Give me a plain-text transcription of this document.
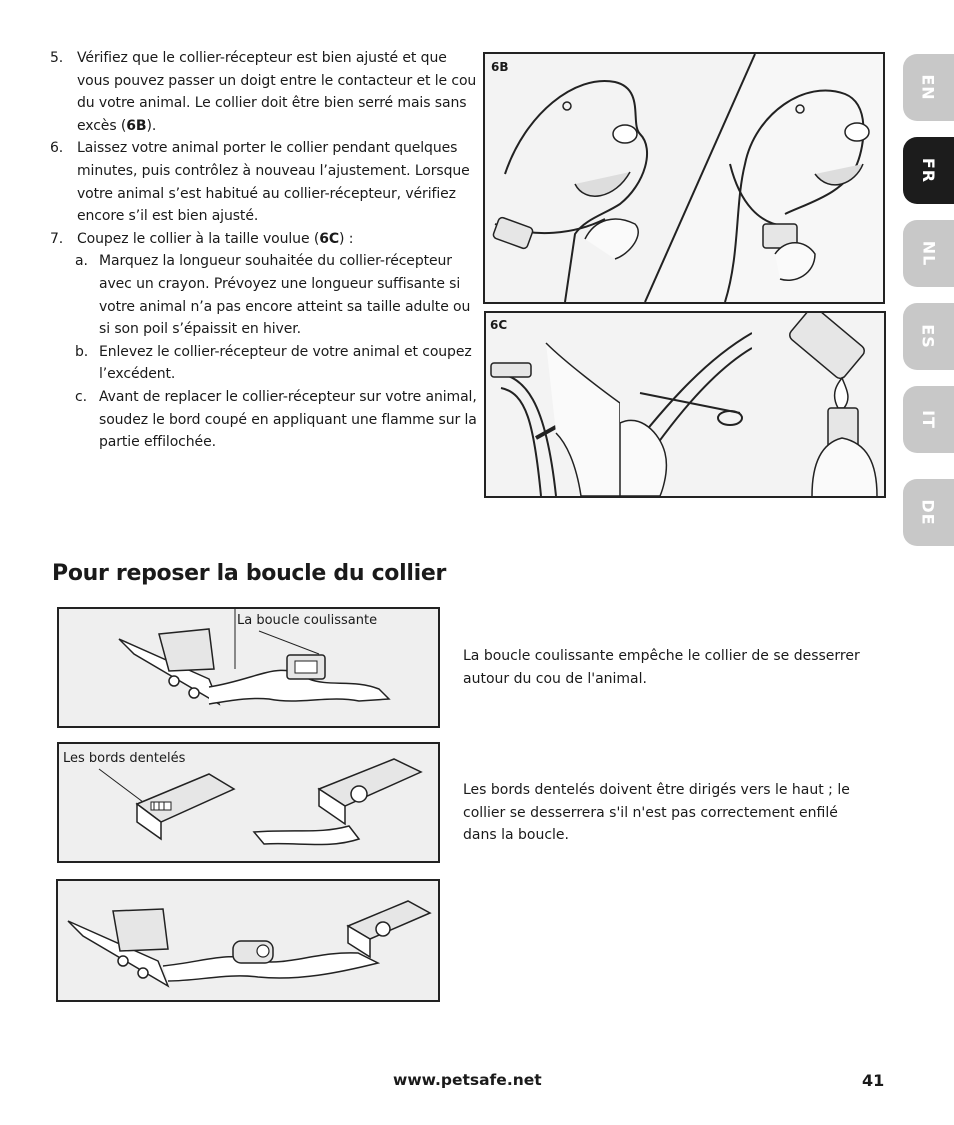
5. Vérifiez que le collier-récepteur est bien ajusté et que vous pouvez passer un doigt entre le contacteur et le cou du votre animal. Le collier doit être bien serré mais sans excès (6B).
6. Laissez votre animal porter le collier pendant quelques minutes, puis contrôlez à nouveau l’ajustement. Lorsque votre animal s’est habitué au collier-récepteur, vérifiez encore s’il est bien ajusté.
7. Coupez le collier à la taille voulue (6C) :
a. Marquez la longueur souhaitée du collier-récepteur avec un crayon. Prévoyez une longueur suffisante si votre animal n’a pas encore atteint sa taille adulte ou si son poil s’épaissit en hiver.
b. Enlevez le collier-récepteur de votre animal et coupez l’excédent.
c. Avant de replacer le collier-récepteur sur votre animal, soudez le bord coupé en appliquant une flamme sur la partie effilochée.
6B
6C
EN
FR
NL
ES
IT
DE
Pour reposer la boucle du collier
La boucle coulissante
Les bords dentelés
La boucle coulissante empêche le collier de se desserrer autour du cou de l'animal.
Les bords dentelés doivent être dirigés vers le haut ; le collier se desserrera s'il n'est pas correctement enfilé dans la boucle.
www.petsafe.net	41
